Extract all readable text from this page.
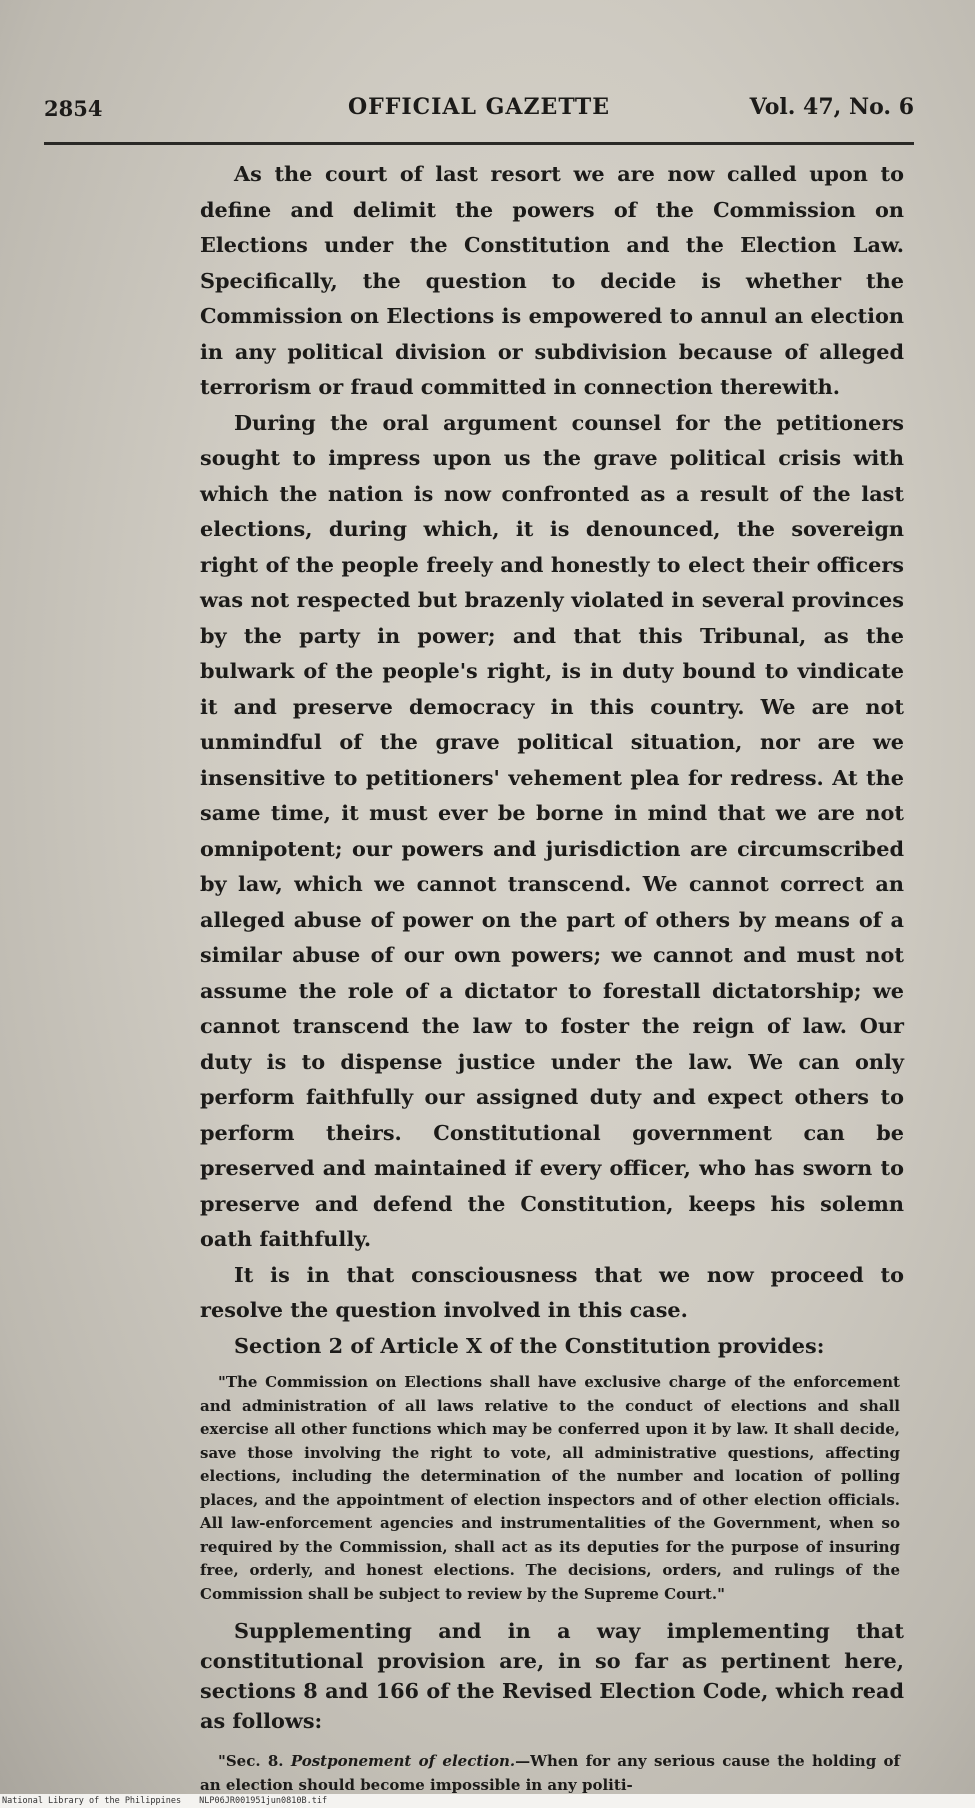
2854	OFFICIAL GAZETTE	Vol. 47, No. 6

As the court of last resort we are now called upon to define and delimit the powers of the Commission on Elections under the Constitution and the Election Law. Specifically, the question to decide is whether the Commission on Elections is empowered to annul an election in any political division or subdivision because of alleged terrorism or fraud committed in connection therewith.

During the oral argument counsel for the petitioners sought to impress upon us the grave political crisis with which the nation is now confronted as a result of the last elections, during which, it is denounced, the sovereign right of the people freely and honestly to elect their officers was not respected but brazenly violated in several provinces by the party in power; and that this Tribunal, as the bulwark of the people's right, is in duty bound to vindicate it and preserve democracy in this country. We are not unmindful of the grave political situation, nor are we insensitive to petitioners' vehement plea for redress. At the same time, it must ever be borne in mind that we are not omnipotent; our powers and jurisdiction are circumscribed by law, which we cannot transcend. We cannot correct an alleged abuse of power on the part of others by means of a similar abuse of our own powers; we cannot and must not assume the role of a dictator to forestall dictatorship; we cannot transcend the law to foster the reign of law. Our duty is to dispense justice under the law. We can only perform faithfully our assigned duty and expect others to perform theirs. Constitutional government can be preserved and maintained if every officer, who has sworn to preserve and defend the Constitution, keeps his solemn oath faithfully.

It is in that consciousness that we now proceed to resolve the question involved in this case.

Section 2 of Article X of the Constitution provides:

"The Commission on Elections shall have exclusive charge of the enforcement and administration of all laws relative to the conduct of elections and shall exercise all other functions which may be conferred upon it by law. It shall decide, save those involving the right to vote, all administrative questions, affecting elections, including the determination of the number and location of polling places, and the appointment of election inspectors and of other election officials. All law-enforcement agencies and instrumentalities of the Government, when so required by the Commission, shall act as its deputies for the purpose of insuring free, orderly, and honest elections. The decisions, orders, and rulings of the Commission shall be subject to review by the Supreme Court."

Supplementing and in a way implementing that constitutional provision are, in so far as pertinent here, sections 8 and 166 of the Revised Election Code, which read as follows:

"Sec. 8. Postponement of election.—When for any serious cause the holding of an election should become impossible in any politi-

National Library of the Philippines NLP06JR001951jun0810B.tif
